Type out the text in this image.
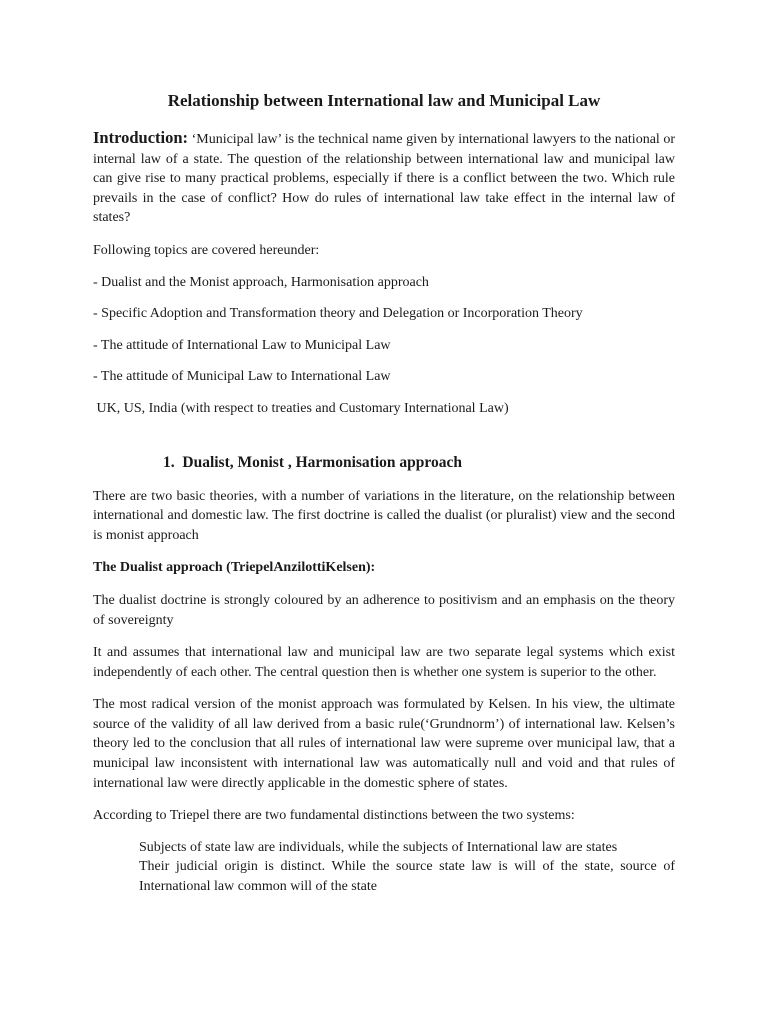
Relationship between International law and Municipal Law

Introduction: ‘Municipal law’ is the technical name given by international lawyers to the national or internal law of a state. The question of the relationship between international law and municipal law can give rise to many practical problems, especially if there is a conflict between the two. Which rule prevails in the case of conflict? How do rules of international law take effect in the internal law of states?

Following topics are covered hereunder:

- Dualist and the Monist approach, Harmonisation approach

- Specific Adoption and Transformation theory and Delegation or Incorporation Theory

- The attitude of International Law to Municipal Law

- The attitude of Municipal Law to International Law

UK, US, India (with respect to treaties and Customary International Law)

1.  Dualist, Monist , Harmonisation approach

There are two basic theories, with a number of variations in the literature, on the relationship between international and domestic law. The first doctrine is called the dualist (or pluralist) view and the second is monist approach

The Dualist approach (TriepelAnzilottiKelsen):

The dualist doctrine is strongly coloured by an adherence to positivism and an emphasis on the theory of sovereignty

It and assumes that international law and municipal law are two separate legal systems which exist independently of each other. The central question then is whether one system is superior to the other.

The most radical version of the monist approach was formulated by Kelsen. In his view, the ultimate source of the validity of all law derived from a basic rule(‘Grundnorm’) of international law. Kelsen’s theory led to the conclusion that all rules of international law were supreme over municipal law, that a municipal law inconsistent with international law was automatically null and void and that rules of international law were directly applicable in the domestic sphere of states.

According to Triepel there are two fundamental distinctions between the two systems:

Subjects of state law are individuals, while the subjects of International law are states

Their judicial origin is distinct. While the source state law is will of the state, source of International law common will of the state
